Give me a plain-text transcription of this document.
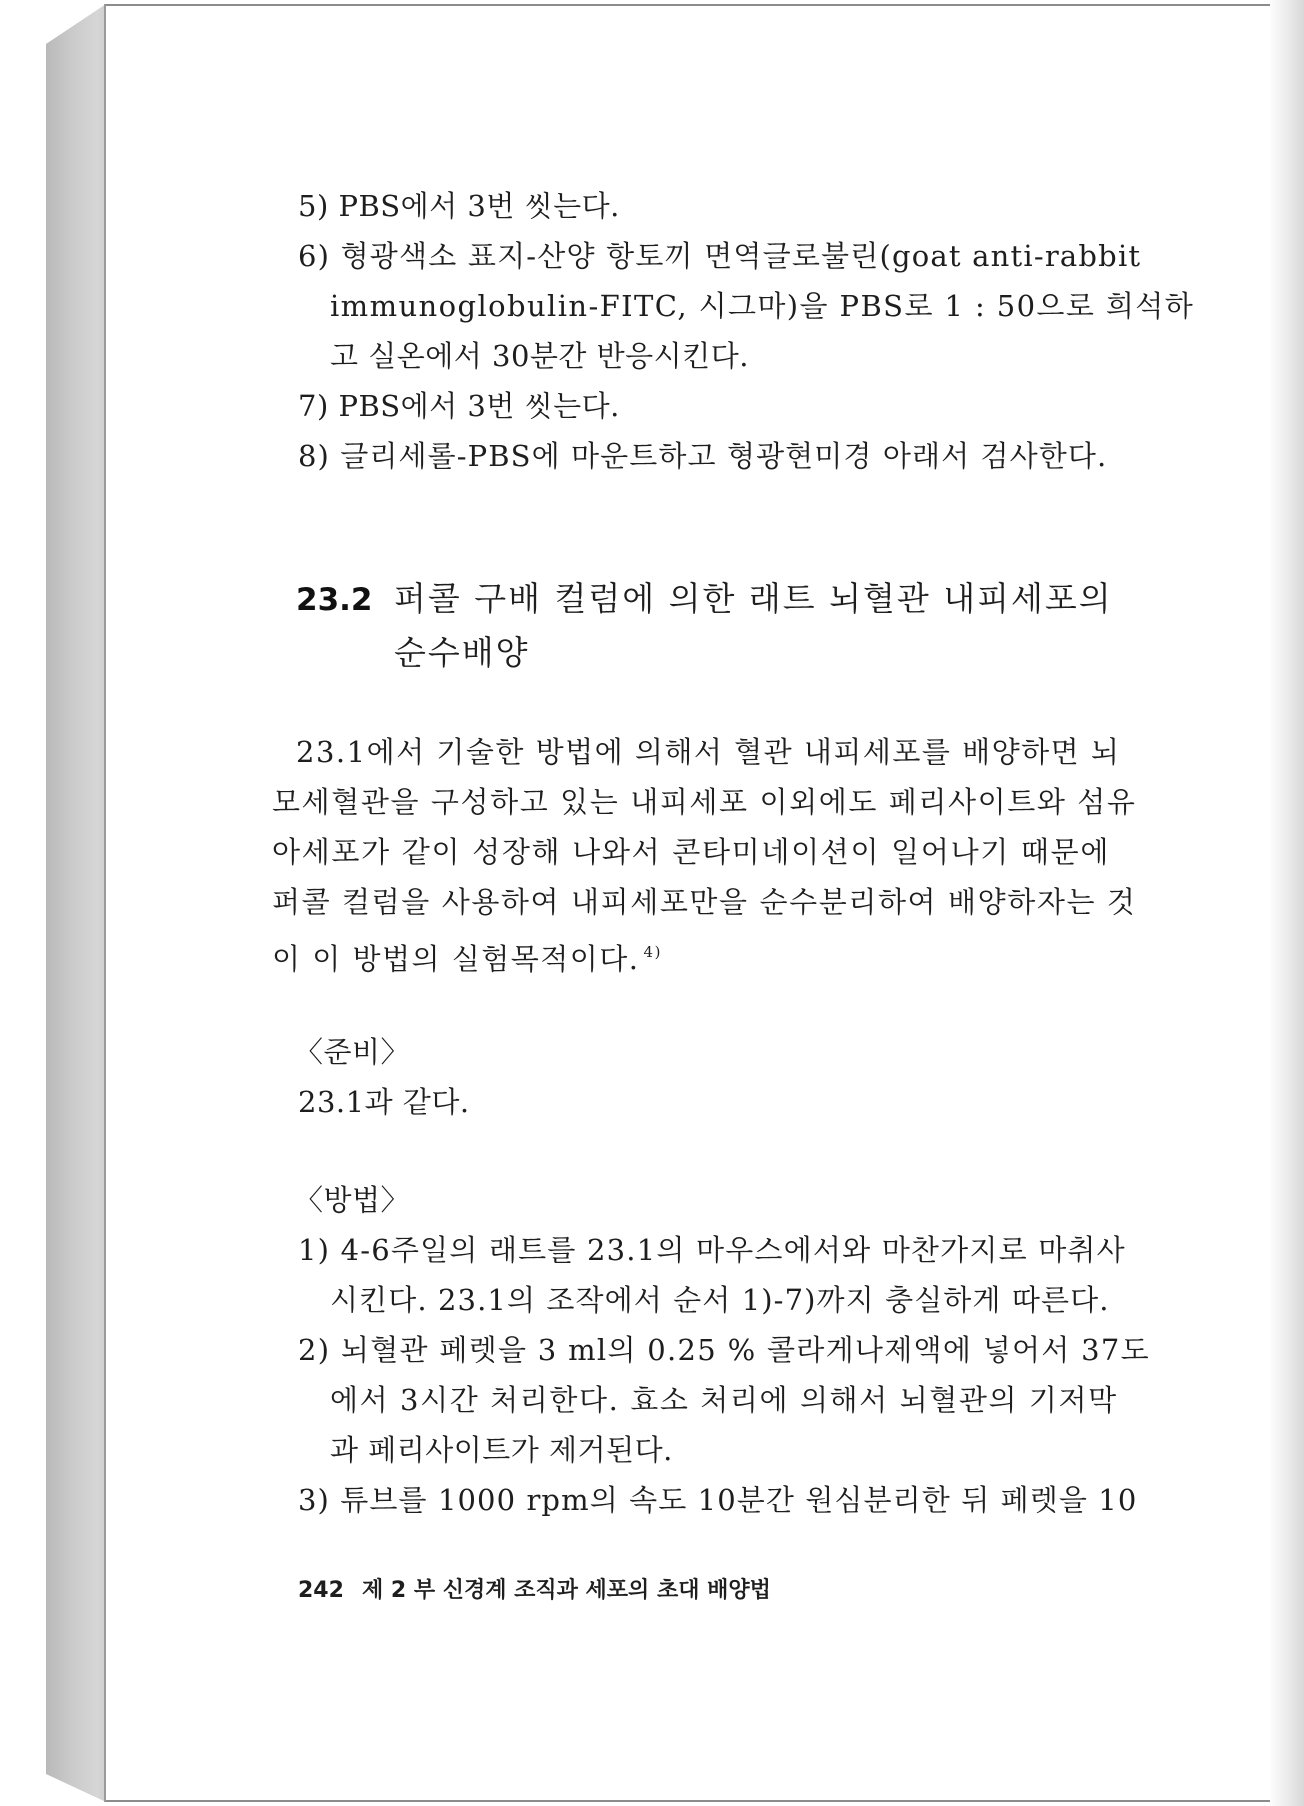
5) PBS에서 3번 씻는다.
6) 형광색소 표지-산양 항토끼 면역글로불린(goat anti-rabbit
immunoglobulin-FITC, 시그마)을 PBS로 1 : 50으로 희석하
고 실온에서 30분간 반응시킨다.
7) PBS에서 3번 씻는다.
8) 글리세롤-PBS에 마운트하고 형광현미경 아래서 검사한다.
23.2 퍼콜 구배 컬럼에 의한 래트 뇌혈관 내피세포의
순수배양
23.1에서 기술한 방법에 의해서 혈관 내피세포를 배양하면 뇌
모세혈관을 구성하고 있는 내피세포 이외에도 페리사이트와 섬유
아세포가 같이 성장해 나와서 콘타미네이션이 일어나기 때문에
퍼콜 컬럼을 사용하여 내피세포만을 순수분리하여 배양하자는 것
이 이 방법의 실험목적이다. $^{4)}$
〈준비〉
23.1과 같다.
〈방법〉
1) 4-6주일의 래트를 23.1의 마우스에서와 마찬가지로 마취사
시킨다. 23.1의 조작에서 순서 1)-7)까지 충실하게 따른다.
2) 뇌혈관 페렛을 3 ml의 0.25 % 콜라게나제액에 넣어서 37도
에서 3시간 처리한다. 효소 처리에 의해서 뇌혈관의 기저막
과 페리사이트가 제거된다.
3) 튜브를 1000 rpm의 속도 10분간 원심분리한 뒤 페렛을 10
242 제 2 부 신경계 조직과 세포의 초대 배양법
